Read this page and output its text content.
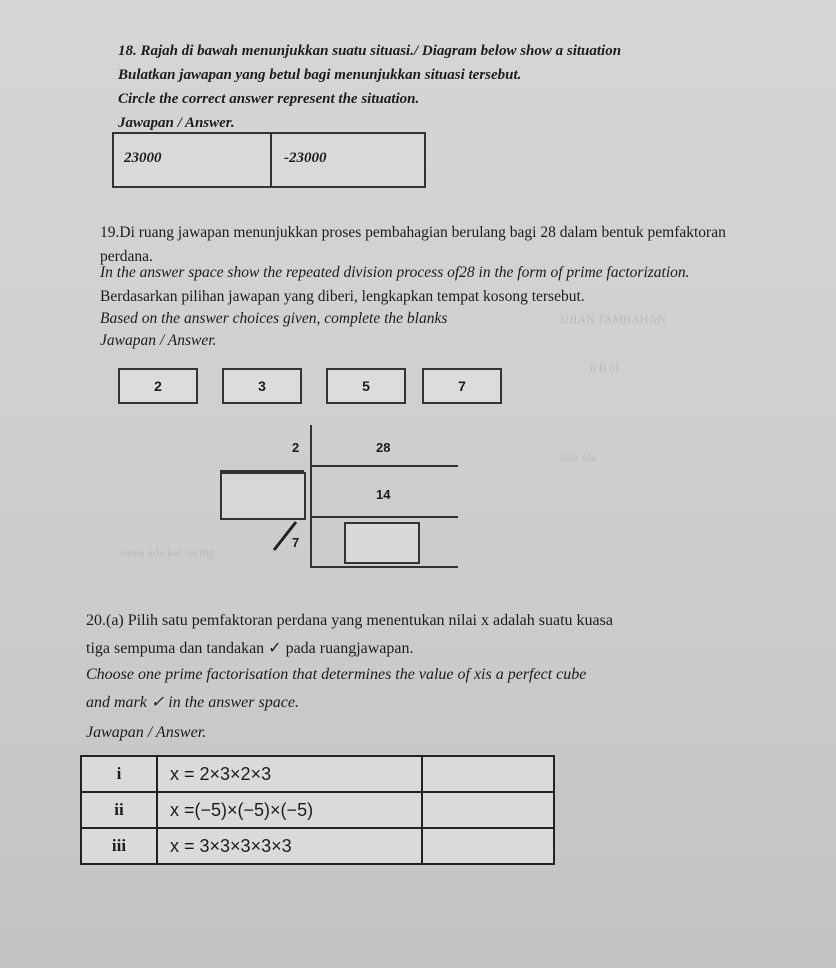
UJIAN TAMBAHAN
n fi ol
tutu ola
sama ada kat saring
18. Rajah di bawah menunjukkan suatu situasi./ Diagram below show a situation
Bulatkan jawapan yang betul bagi menunjukkan situasi tersebut.
Circle the correct answer represent the situation.
Jawapan / Answer.
23000	-23000
19.Di ruang jawapan menunjukkan proses pembahagian berulang bagi 28 dalam bentuk pemfaktoran
perdana.
In the answer space show the repeated division process of28 in the form of prime factorization.
Berdasarkan pilihan jawapan yang diberi, lengkapkan tempat kosong tersebut.
Based on the answer choices given, complete the blanks
Jawapan / Answer.
2	3	5	7
2	28
14
7
20.(a) Pilih satu pemfaktoran perdana yang menentukan nilai x adalah suatu kuasa
tiga sempuma dan tandakan ✓ pada ruangjawapan.
Choose one prime factorisation that determines the value of xis a perfect cube
and mark ✓ in the answer space.
Jawapan / Answer.
i	x = 2×3×2×3	
ii	x =(−5)×(−5)×(−5)	
iii	x = 3×3×3×3×3	
